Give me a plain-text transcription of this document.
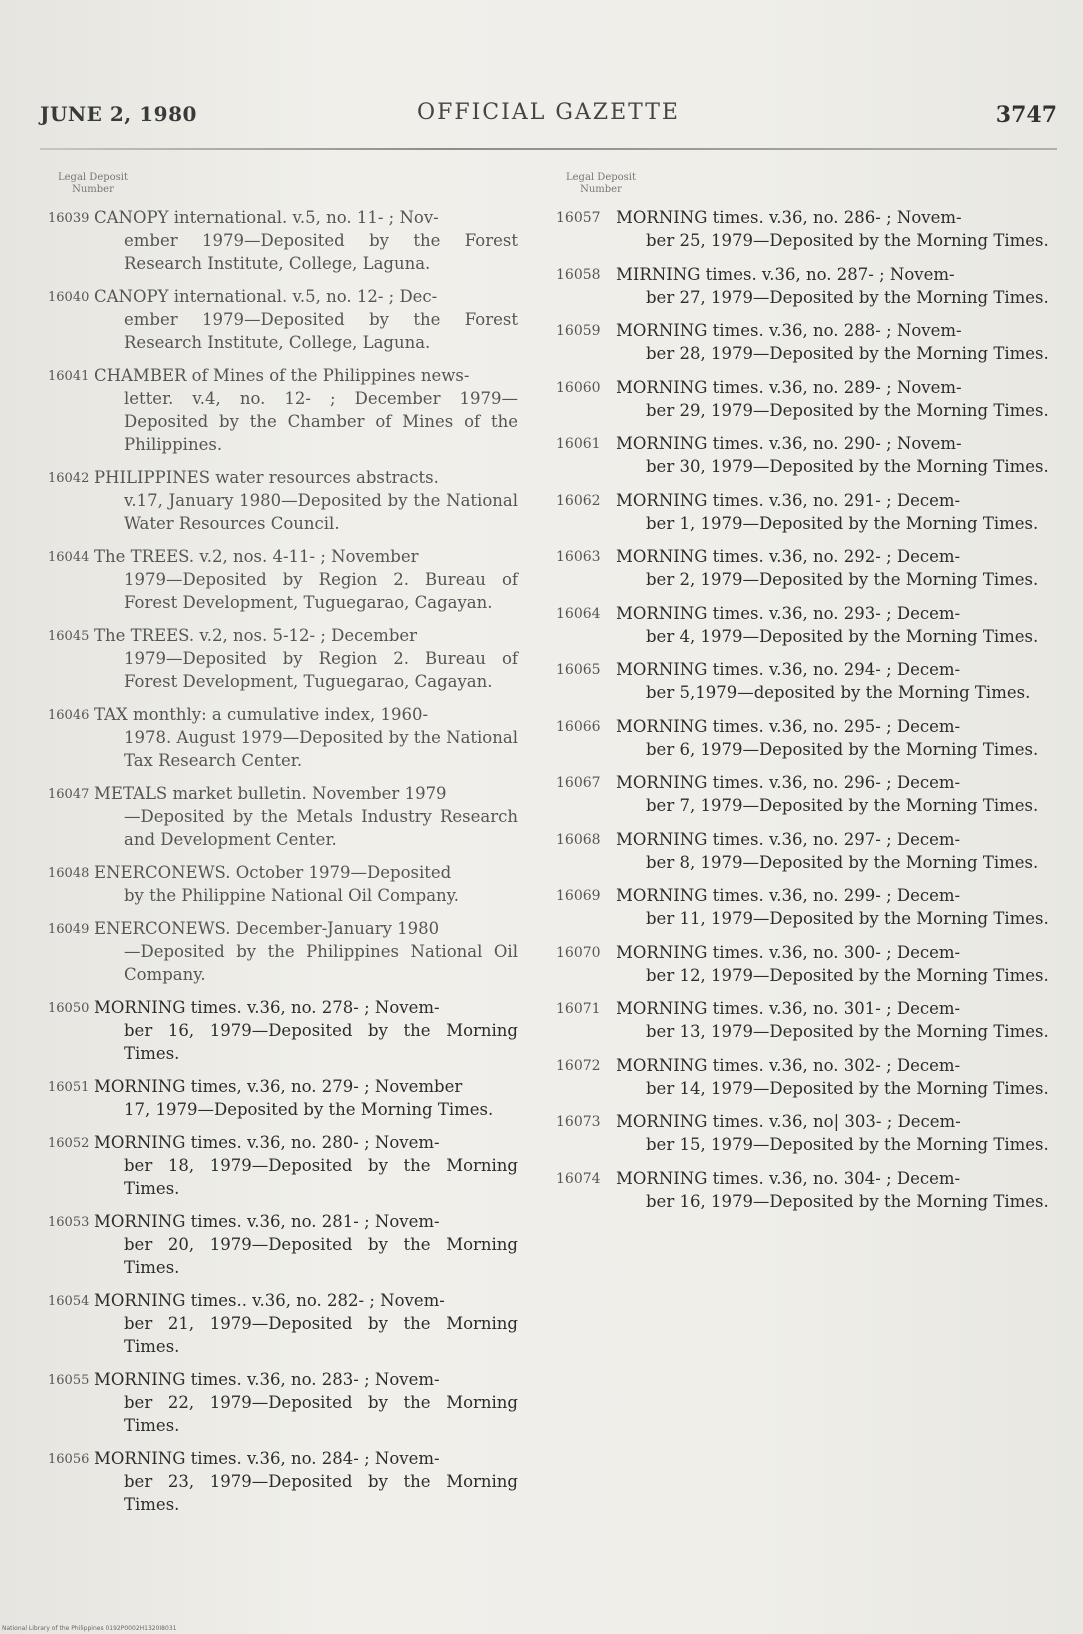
JUNE 2, 1980	OFFICIAL GAZETTE	3747
Legal Deposit Number
16039 CANOPY international. v.5, no. 11- ; Nov-
ember 1979—Deposited by the Forest Research Institute, College, Laguna.
16040 CANOPY international. v.5, no. 12- ; Dec-
ember 1979—Deposited by the Forest Research Institute, College, Laguna.
16041 CHAMBER of Mines of the Philippines news-
letter. v.4, no. 12- ; December 1979—Deposited by the Chamber of Mines of the Philippines.
16042 PHILIPPINES water resources abstracts.
v.17, January 1980—Deposited by the National Water Resources Council.
16044 The TREES. v.2, nos. 4-11- ; November
1979—Deposited by Region 2. Bureau of Forest Development, Tuguegarao, Cagayan.
16045 The TREES. v.2, nos. 5-12- ; December
1979—Deposited by Region 2. Bureau of Forest Development, Tuguegarao, Cagayan.
16046 TAX monthly: a cumulative index, 1960-
1978. August 1979—Deposited by the National Tax Research Center.
16047 METALS market bulletin. November 1979
—Deposited by the Metals Industry Research and Development Center.
16048 ENERCONEWS. October 1979—Deposited
by the Philippine National Oil Company.
16049 ENERCONEWS. December-January 1980
—Deposited by the Philippines National Oil Company.
16050 MORNING times. v.36, no. 278- ; Novem-
ber 16, 1979—Deposited by the Morning Times.
16051 MORNING times, v.36, no. 279- ; November
17, 1979—Deposited by the Morning Times.
16052 MORNING times. v.36, no. 280- ; Novem-
ber 18, 1979—Deposited by the Morning Times.
16053 MORNING times. v.36, no. 281- ; Novem-
ber 20, 1979—Deposited by the Morning Times.
16054 MORNING times.. v.36, no. 282- ; Novem-
ber 21, 1979—Deposited by the Morning Times.
16055 MORNING times. v.36, no. 283- ; Novem-
ber 22, 1979—Deposited by the Morning Times.
16056 MORNING times. v.36, no. 284- ; Novem-
ber 23, 1979—Deposited by the Morning Times.
Legal Deposit Number
16057 MORNING times. v.36, no. 286- ; Novem-
ber 25, 1979—Deposited by the Morning Times.
16058 MIRNING times. v.36, no. 287- ; Novem-
ber 27, 1979—Deposited by the Morning Times.
16059 MORNING times. v.36, no. 288- ; Novem-
ber 28, 1979—Deposited by the Morning Times.
16060 MORNING times. v.36, no. 289- ; Novem-
ber 29, 1979—Deposited by the Morning Times.
16061 MORNING times. v.36, no. 290- ; Novem-
ber 30, 1979—Deposited by the Morning Times.
16062 MORNING times. v.36, no. 291- ; Decem-
ber 1, 1979—Deposited by the Morning Times.
16063 MORNING times. v.36, no. 292- ; Decem-
ber 2, 1979—Deposited by the Morning Times.
16064 MORNING times. v.36, no. 293- ; Decem-
ber 4, 1979—Deposited by the Morning Times.
16065 MORNING times. v.36, no. 294- ; Decem-
ber 5,1979—deposited by the Morning Times.
16066 MORNING times. v.36, no. 295- ; Decem-
ber 6, 1979—Deposited by the Morning Times.
16067 MORNING times. v.36, no. 296- ; Decem-
ber 7, 1979—Deposited by the Morning Times.
16068 MORNING times. v.36, no. 297- ; Decem-
ber 8, 1979—Deposited by the Morning Times.
16069 MORNING times. v.36, no. 299- ; Decem-
ber 11, 1979—Deposited by the Morning Times.
16070 MORNING times. v.36, no. 300- ; Decem-
ber 12, 1979—Deposited by the Morning Times.
16071 MORNING times. v.36, no. 301- ; Decem-
ber 13, 1979—Deposited by the Morning Times.
16072 MORNING times. v.36, no. 302- ; Decem-
ber 14, 1979—Deposited by the Morning Times.
16073 MORNING times. v.36, no| 303- ; Decem-
ber 15, 1979—Deposited by the Morning Times.
16074 MORNING times. v.36, no. 304- ; Decem-
ber 16, 1979—Deposited by the Morning Times.
National Library of the Philippines 0192P0002H1320I8031
